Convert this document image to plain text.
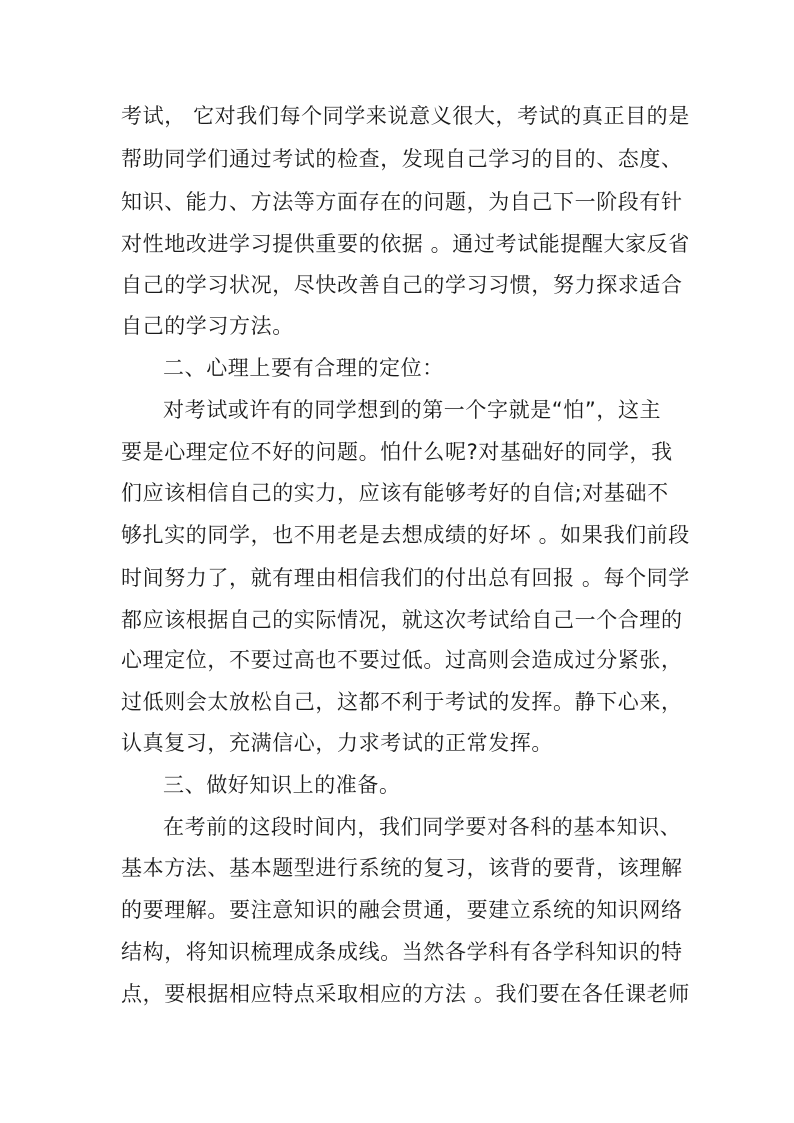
考试， 它对我们每个同学来说意义很大，考试的真正目的是
帮助同学们通过考试的检查，发现自己学习的目的、态度、
知识、能力、方法等方面存在的问题，为自己下一阶段有针
对性地改进学习提供重要的依据 。通过考试能提醒大家反省
自己的学习状况，尽快改善自己的学习习惯，努力探求适合
自己的学习方法。
二、心理上要有合理的定位：
对考试或许有的同学想到的第一个字就是“怕”，这主
要是心理定位不好的问题。怕什么呢?对基础好的同学，我
们应该相信自己的实力，应该有能够考好的自信;对基础不
够扎实的同学，也不用老是去想成绩的好坏 。如果我们前段
时间努力了，就有理由相信我们的付出总有回报 。每个同学
都应该根据自己的实际情况，就这次考试给自己一个合理的
心理定位，不要过高也不要过低。过高则会造成过分紧张，
过低则会太放松自己，这都不利于考试的发挥。静下心来，
认真复习，充满信心，力求考试的正常发挥。
三、做好知识上的准备。
在考前的这段时间内，我们同学要对各科的基本知识、
基本方法、基本题型进行系统的复习，该背的要背，该理解
的要理解。要注意知识的融会贯通，要建立系统的知识网络
结构，将知识梳理成条成线。当然各学科有各学科知识的特
点，要根据相应特点采取相应的方法 。我们要在各任课老师
